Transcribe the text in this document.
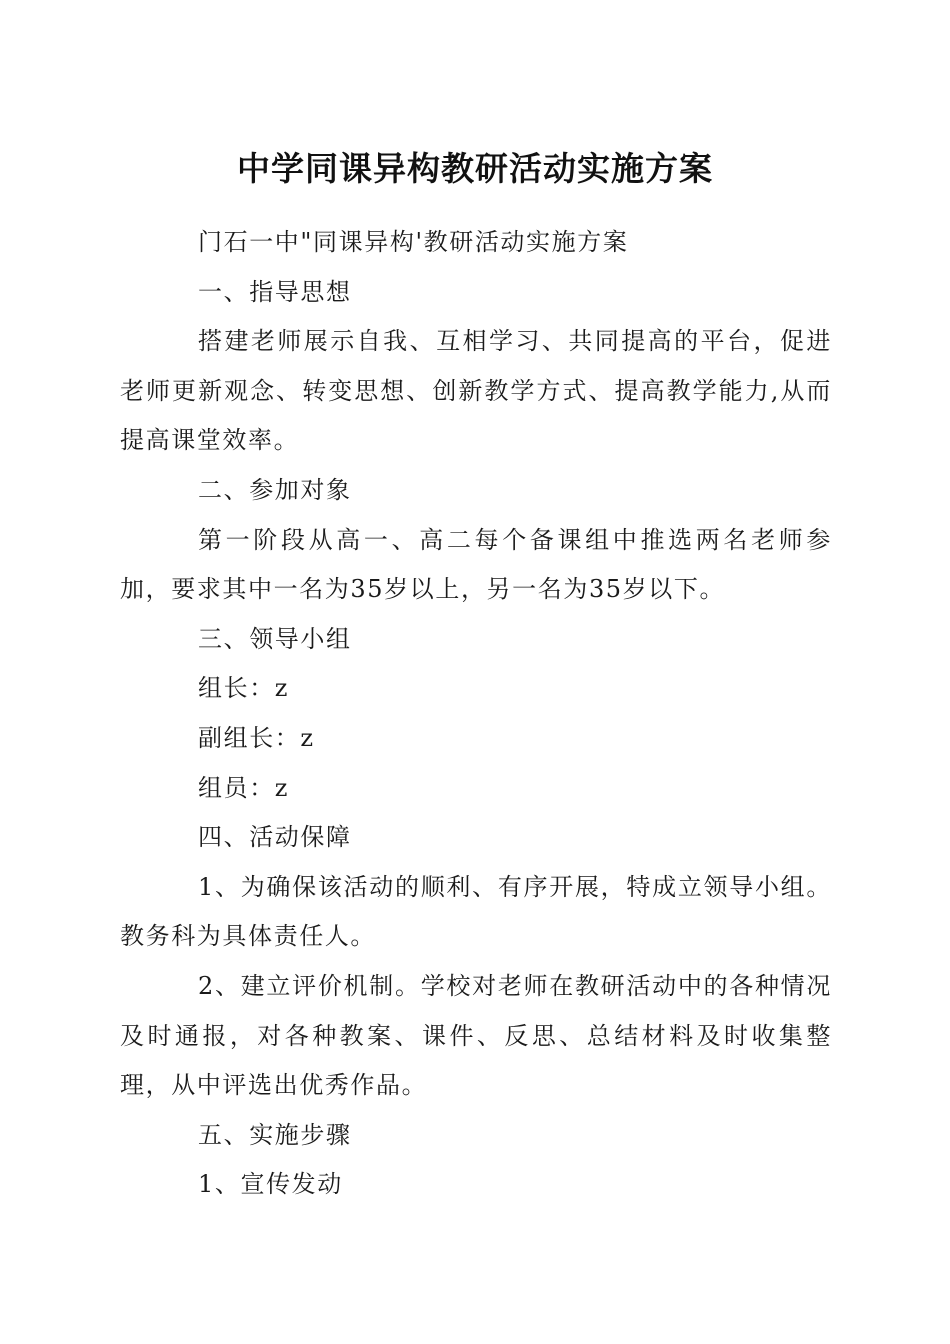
中学同课异构教研活动实施方案

门石一中"同课异构'教研活动实施方案

一、指导思想

搭建老师展示自我、互相学习、共同提高的平台，促进老师更新观念、转变思想、创新教学方式、提高教学能力,从而提高课堂效率。

二、参加对象

第一阶段从高一、高二每个备课组中推选两名老师参加，要求其中一名为35岁以上，另一名为35岁以下。

三、领导小组

组长：z

副组长：z

组员：z

四、活动保障

1、为确保该活动的顺利、有序开展，特成立领导小组。教务科为具体责任人。

2、建立评价机制。学校对老师在教研活动中的各种情况及时通报，对各种教案、课件、反思、总结材料及时收集整理，从中评选出优秀作品。

五、实施步骤

1、宣传发动
